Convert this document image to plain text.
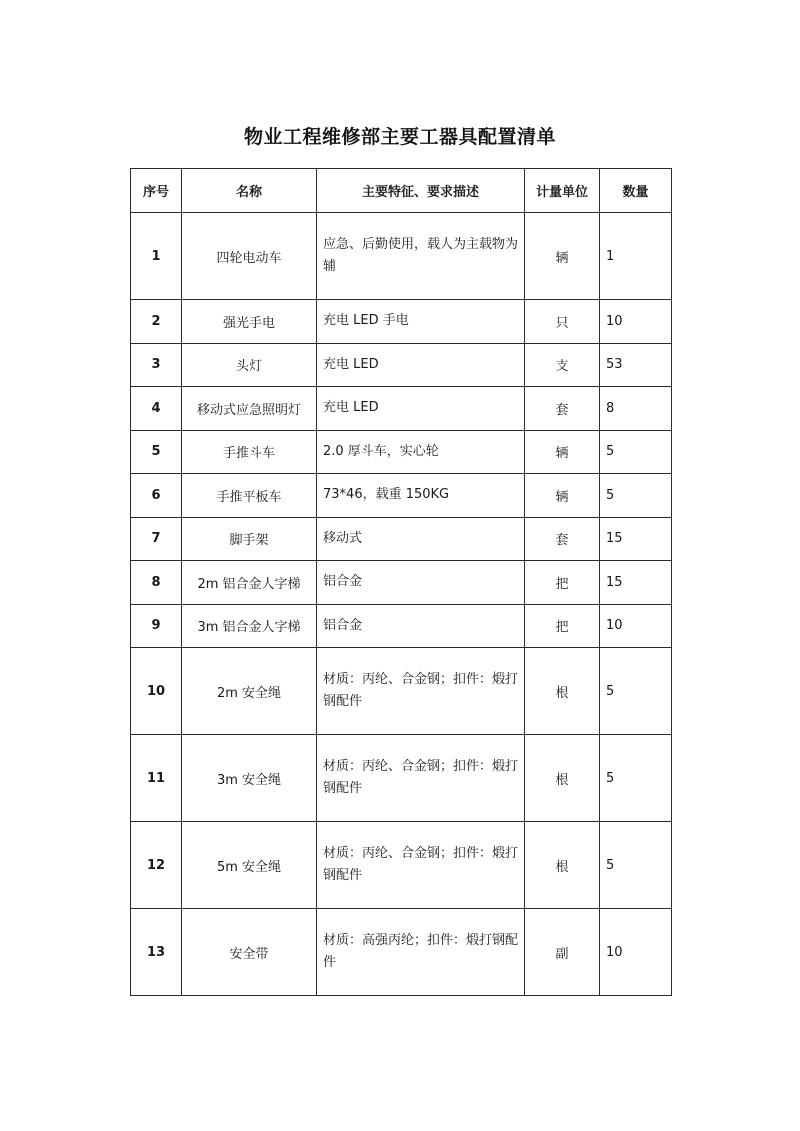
物业工程维修部主要工器具配置清单
序号	名称	主要特征、要求描述	计量单位	数量
1	四轮电动车	应急、后勤使用，载人为主载物为辅	辆	1
2	强光手电	充电 LED 手电	只	10
3	头灯	充电 LED	支	53
4	移动式应急照明灯	充电 LED	套	8
5	手推斗车	2.0 厚斗车，实心轮	辆	5
6	手推平板车	73*46，载重 150KG	辆	5
7	脚手架	移动式	套	15
8	2m 铝合金人字梯	铝合金	把	15
9	3m 铝合金人字梯	铝合金	把	10
10	2m 安全绳	材质：丙纶、合金钢；扣件：煅打钢配件	根	5
11	3m 安全绳	材质：丙纶、合金钢；扣件：煅打钢配件	根	5
12	5m 安全绳	材质：丙纶、合金钢；扣件：煅打钢配件	根	5
13	安全带	材质：高强丙纶；扣件：煅打钢配件	副	10
